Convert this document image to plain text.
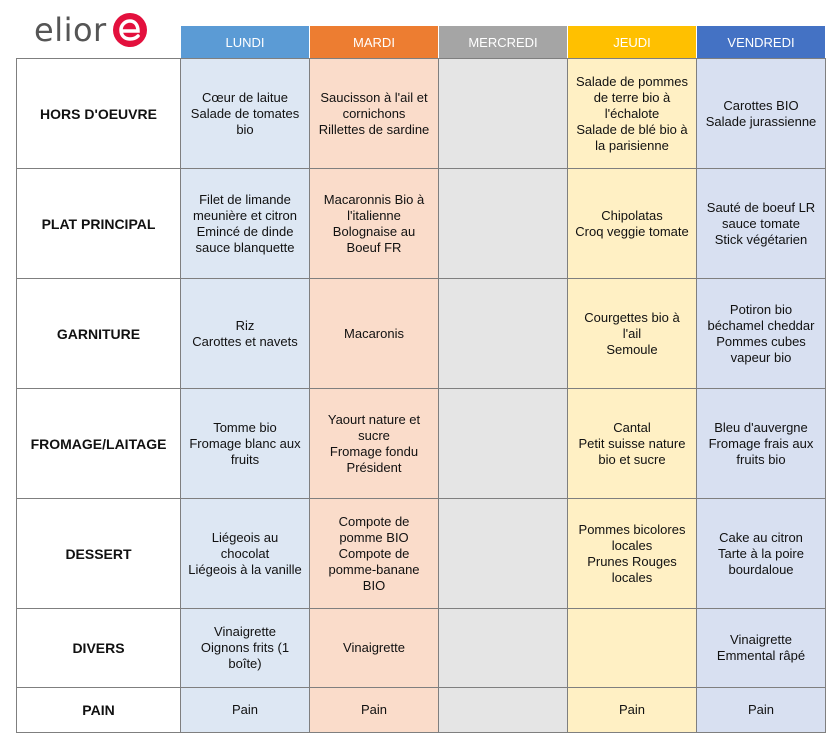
elior	LUNDI	MARDI	MERCREDI	JEUDI	VENDREDI
HORS D'OEUVRE	Cœur de laitue
Salade de tomates
bio	Saucisson à l'ail et
cornichons
Rillettes de sardine		Salade de pommes
de terre bio à
l'échalote
Salade de blé bio à
la parisienne	Carottes BIO
Salade jurassienne

PLAT PRINCIPAL	Filet de limande
meunière et citron
Emincé de dinde
sauce blanquette	Macaronnis Bio à
l'italienne
Bolognaise au
Boeuf FR		Chipolatas
Croq veggie tomate	Sauté de boeuf LR
sauce tomate
Stick végétarien

GARNITURE	Riz
Carottes et navets	Macaronis		Courgettes bio à
l'ail
Semoule	Potiron bio
béchamel cheddar
Pommes cubes
vapeur bio

FROMAGE/LAITAGE	Tomme bio
Fromage blanc aux
fruits	Yaourt nature et
sucre
Fromage fondu
Président		Cantal
Petit suisse nature
bio et sucre	Bleu d'auvergne
Fromage frais aux
fruits bio

DESSERT	Liégeois au
chocolat
Liégeois à la vanille	Compote de
pomme BIO
Compote de
pomme-banane
BIO		Pommes bicolores
locales
Prunes Rouges
locales	Cake au citron
Tarte à la poire
bourdaloue

DIVERS	Vinaigrette
Oignons frits (1
boîte)	Vinaigrette			Vinaigrette
Emmental râpé

PAIN	Pain	Pain		Pain	Pain
